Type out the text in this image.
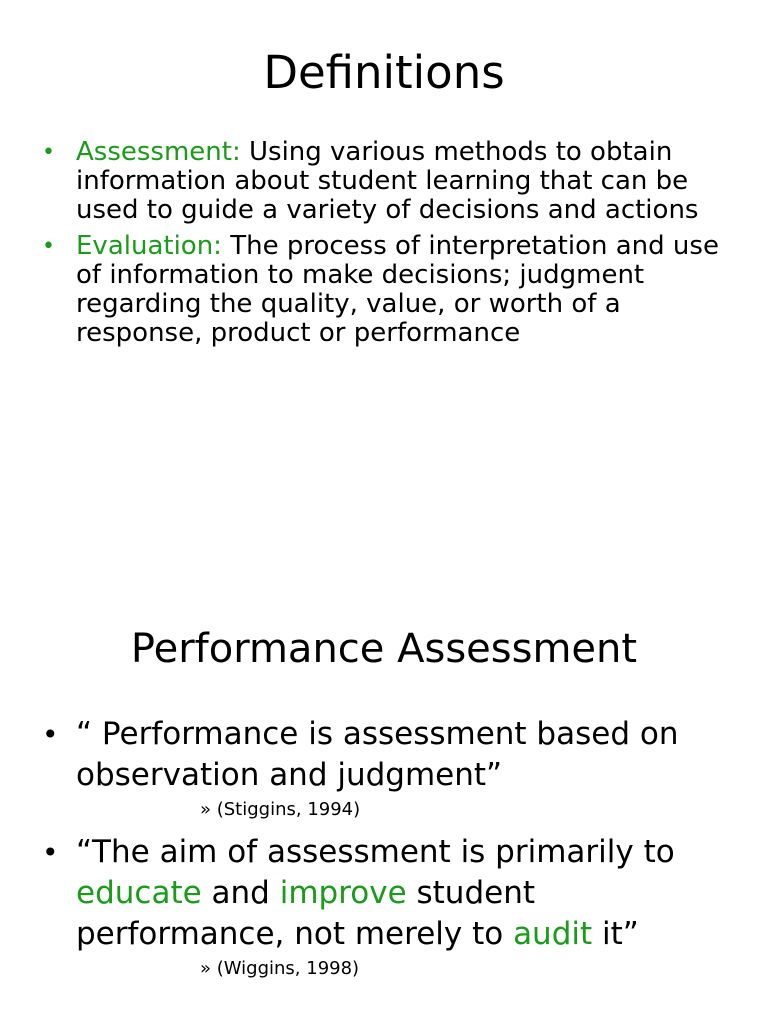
Definitions
• Assessment: Using various methods to obtain information about student learning that can be used to guide a variety of decisions and actions
• Evaluation: The process of interpretation and use of information to make decisions; judgment regarding the quality, value, or worth of a response, product or performance
Performance Assessment
• “ Performance is assessment based on observation and judgment”
» (Stiggins, 1994)
• “The aim of assessment is primarily to educate and improve student performance, not merely to audit it”
» (Wiggins, 1998)
